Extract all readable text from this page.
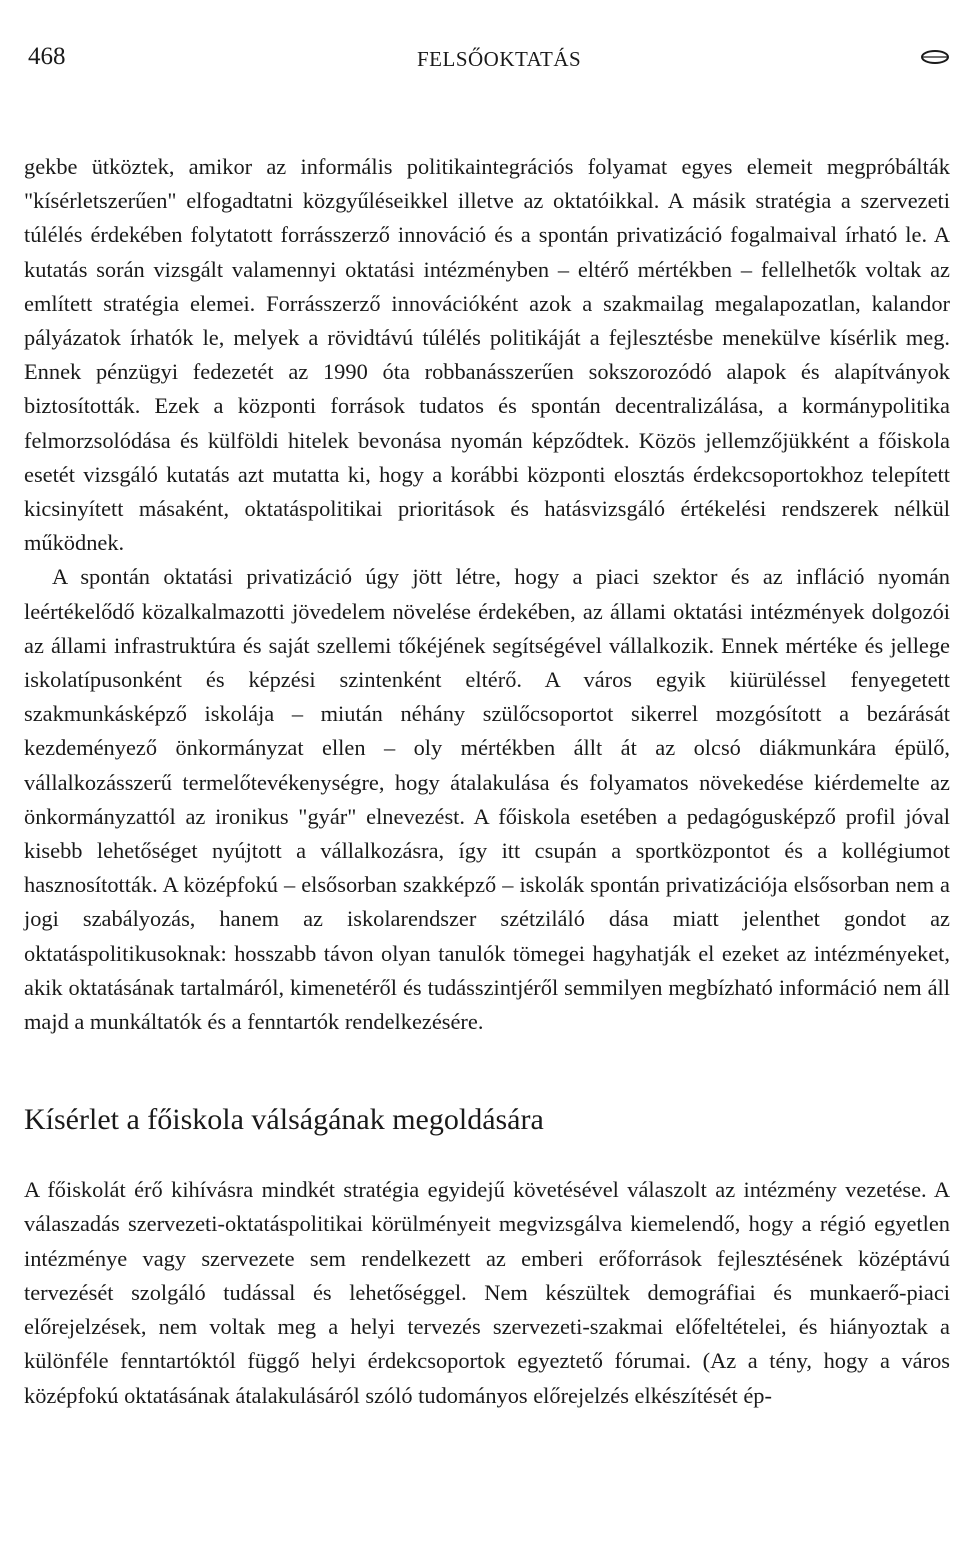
468	FELSŐOKTATÁS

gekbe ütköztek, amikor az informális politikaintegrációs folyamat egyes elemeit megpróbálták "kísérletszerűen" elfogadtatni közgyűléseikkel illetve az oktatóikkal. A másik stratégia a szervezeti túlélés érdekében folytatott forrásszerző innováció és a spontán privatizáció fogalmaival írható le. A kutatás során vizsgált valamennyi oktatási intézményben – eltérő mértékben – fellelhetők voltak az említett stratégia elemei. Forrásszerző innovációként azok a szakmailag megalapozatlan, kalandor pályázatok írhatók le, melyek a rövidtávú túlélés politikáját a fejlesztésbe menekülve kísérlik meg. Ennek pénzügyi fedezetét az 1990 óta robbanásszerűen sokszorozódó alapok és alapítványok biztosították. Ezek a központi források tudatos és spontán decentralizálása, a kormánypolitika felmorzsolódása és külföldi hitelek bevonása nyomán képződtek. Közös jellemzőjükként a főiskola esetét vizsgáló kutatás azt mutatta ki, hogy a korábbi központi elosztás érdekcsoportokhoz telepített kicsinyített másaként, oktatáspolitikai prioritások és hatásvizsgáló értékelési rendszerek nélkül működnek.

A spontán oktatási privatizáció úgy jött létre, hogy a piaci szektor és az infláció nyomán leértékelődő közalkalmazotti jövedelem növelése érdekében, az állami oktatási intézmények dolgozói az állami infrastruktúra és saját szellemi tőkéjének segítségével vállalkozik. Ennek mértéke és jellege iskolatípusonként és képzési szintenként eltérő. A város egyik kiürüléssel fenyegetett szakmunkásképző iskolája – miután néhány szülőcsoportot sikerrel mozgósított a bezárását kezdeményező önkormányzat ellen – oly mértékben állt át az olcsó diákmunkára épülő, vállalkozásszerű termelőtevékenységre, hogy átalakulása és folyamatos növekedése kiérdemelte az önkormányzattól az ironikus "gyár" elnevezést. A főiskola esetében a pedagógusképző profil jóval kisebb lehetőséget nyújtott a vállalkozásra, így itt csupán a sportközpontot és a kollégiumot hasznosították. A középfokú – elsősorban szakképző – iskolák spontán privatizációja elsősorban nem a jogi szabályozás, hanem az iskolarendszer szétziláló dása miatt jelenthet gondot az oktatáspolitikusoknak: hosszabb távon olyan tanulók tömegei hagyhatják el ezeket az intézményeket, akik oktatásának tartalmáról, kimenetéről és tudásszintjéről semmilyen megbízható információ nem áll majd a munkáltatók és a fenntartók rendelkezésére.

Kísérlet a főiskola válságának megoldására

A főiskolát érő kihívásra mindkét stratégia egyidejű követésével válaszolt az intézmény vezetése. A válaszadás szervezeti-oktatáspolitikai körülményeit megvizsgálva kiemelendő, hogy a régió egyetlen intézménye vagy szervezete sem rendelkezett az emberi erőforrások fejlesztésének középtávú tervezését szolgáló tudással és lehetőséggel. Nem készültek demográfiai és munkaerő-piaci előrejelzések, nem voltak meg a helyi tervezés szervezeti-szakmai előfeltételei, és hiányoztak a különféle fenntartóktól függő helyi érdekcsoportok egyeztető fórumai. (Az a tény, hogy a város középfokú oktatásának átalakulásáról szóló tudományos előrejelzés elkészítését ép-
